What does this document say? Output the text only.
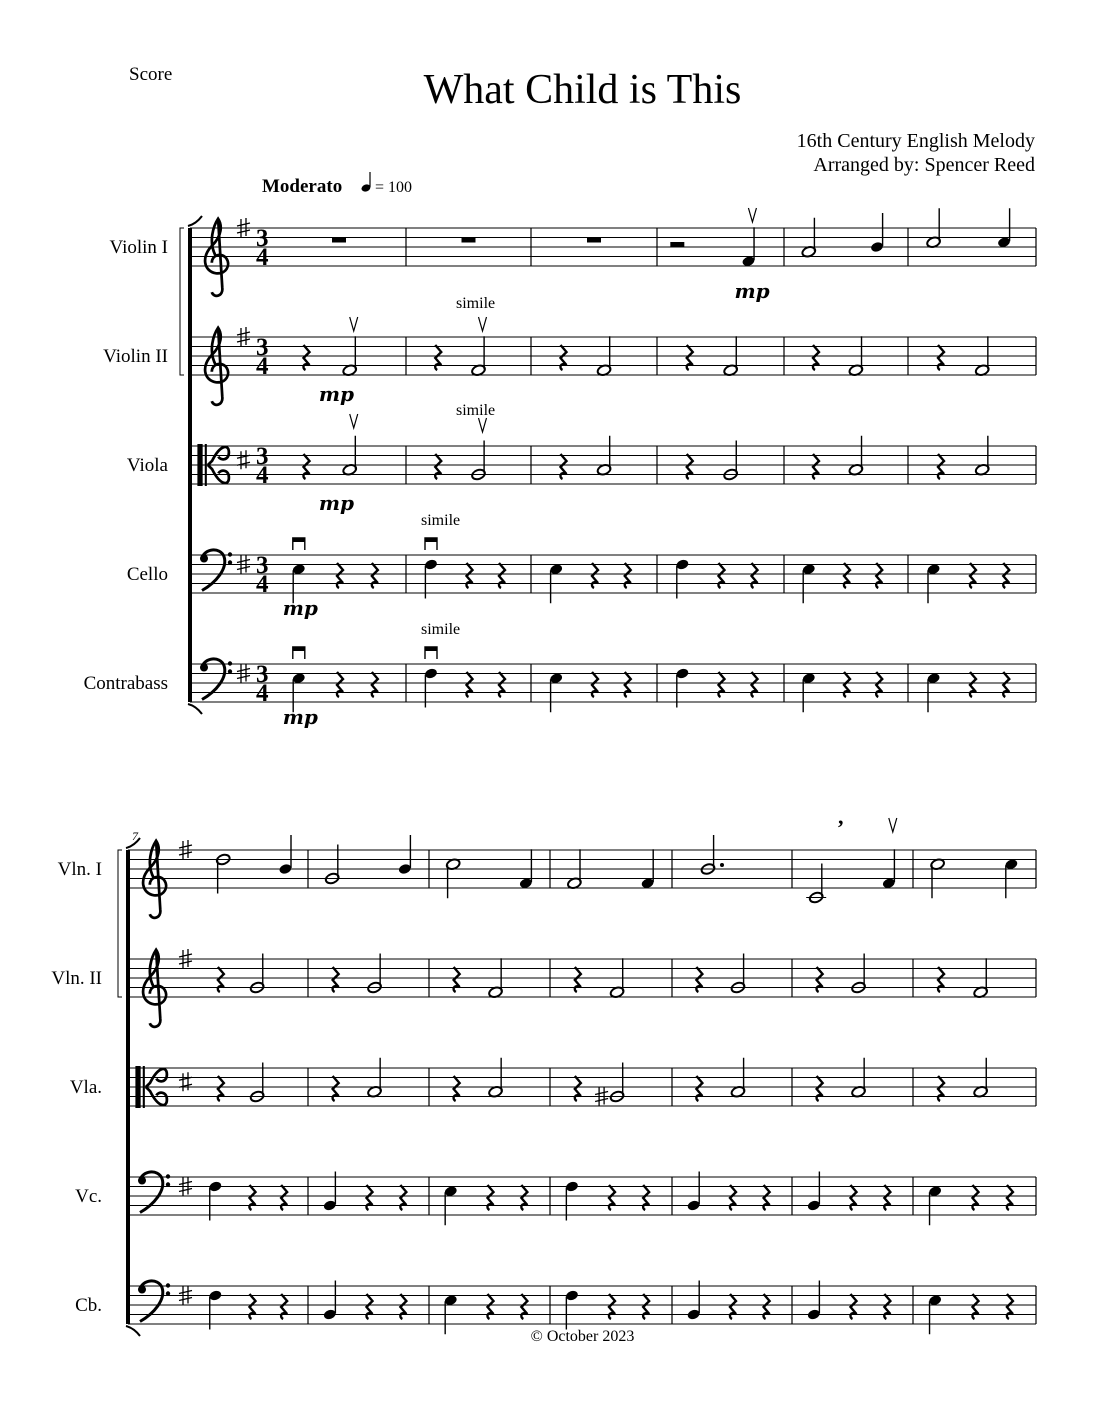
Score	What Child is This
16th Century English Melody
Arranged by: Spencer Reed
Moderato = 100
3
4
Violin I
3
4
Violin II
3
4
Viola
3
4
Cello
3
4
Contrabass
7
Vln. I
Vln. II
Vla.
Vc.
Cb.
mp
simile
mp
simile
mp
simile
mp
simile
mp
,
© October 2023
